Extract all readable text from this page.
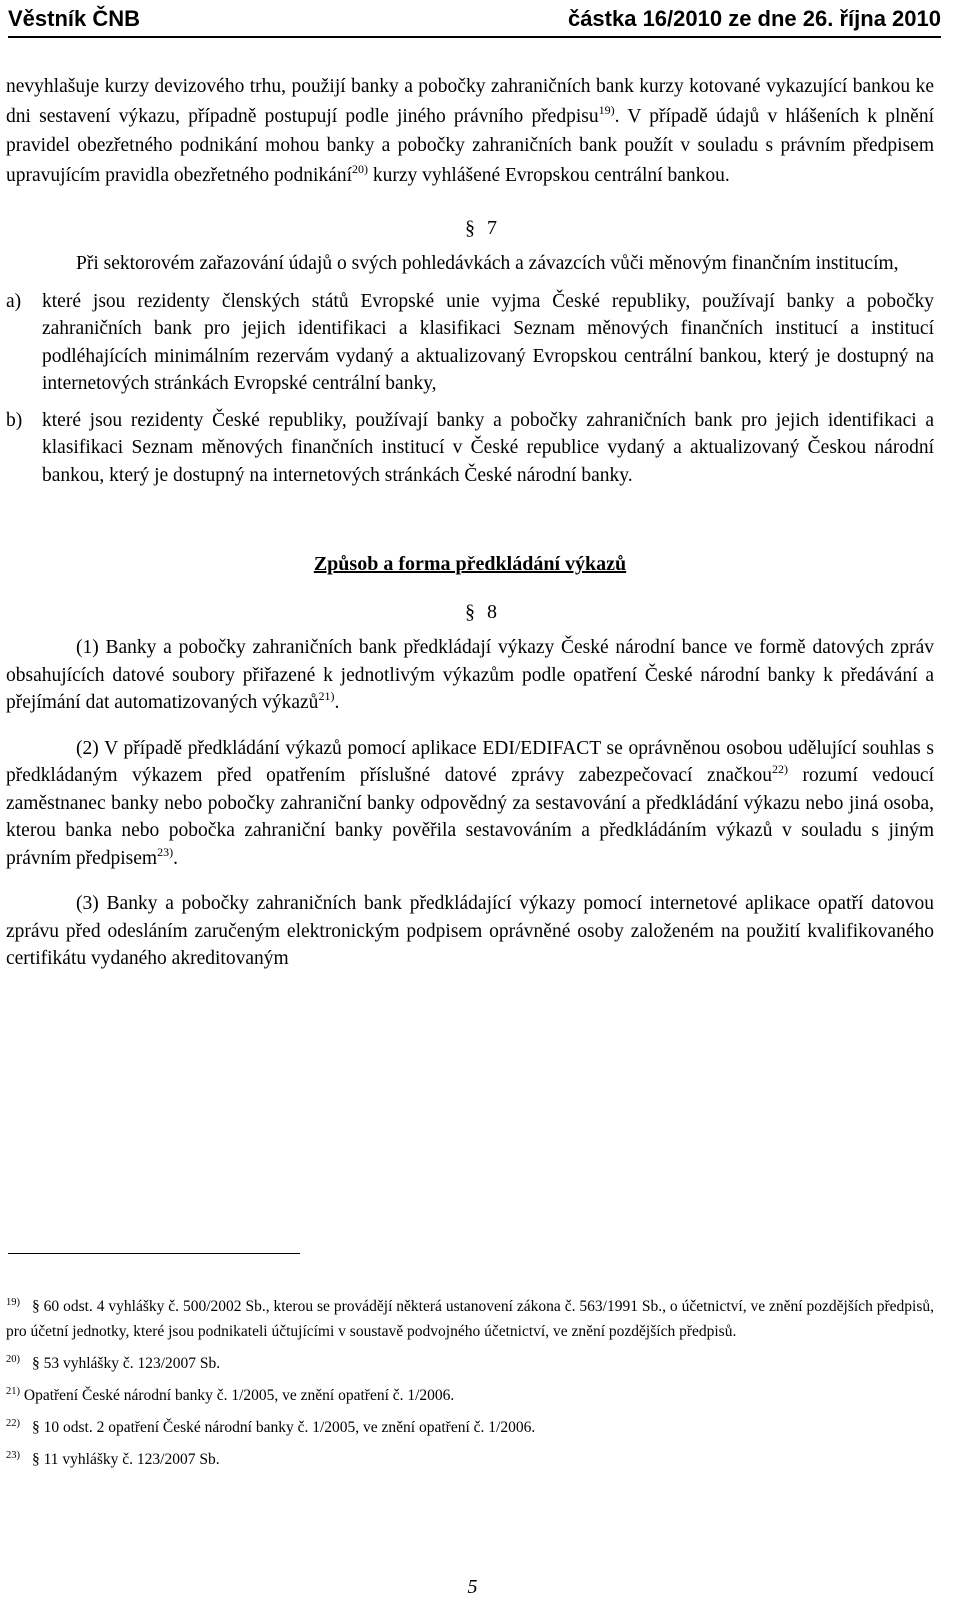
Věstník ČNB	částka 16/2010 ze dne 26. října 2010

nevyhlašuje kurzy devizového trhu, použijí banky a pobočky zahraničních bank kurzy kotované vykazující bankou ke dni sestavení výkazu, případně postupují podle jiného právního předpisu$^{19)}$. V případě údajů v hlášeních k plnění pravidel obezřetného podnikání mohou banky a pobočky zahraničních bank použít v souladu s právním předpisem upravujícím pravidla obezřetného podnikání$^{20)}$ kurzy vyhlášené Evropskou centrální bankou.

§ 7

Při sektorovém zařazování údajů o svých pohledávkách a závazcích vůči měnovým finančním institucím,

a)	které jsou rezidenty členských států Evropské unie vyjma České republiky, používají banky a pobočky zahraničních bank pro jejich identifikaci a klasifikaci Seznam měnových finančních institucí a institucí podléhajících minimálním rezervám vydaný a aktualizovaný Evropskou centrální bankou, který je dostupný na internetových stránkách Evropské centrální banky,
b)	které jsou rezidenty České republiky, používají banky a pobočky zahraničních bank pro jejich identifikaci a klasifikaci Seznam měnových finančních institucí v České republice vydaný a aktualizovaný Českou národní bankou, který je dostupný na internetových stránkách České národní banky.

Způsob a forma předkládání výkazů

§ 8

(1) Banky a pobočky zahraničních bank předkládají výkazy České národní bance ve formě datových zpráv obsahujících datové soubory přiřazené k jednotlivým výkazům podle opatření České národní banky k předávání a přejímání dat automatizovaných výkazů$^{21)}$.

(2) V případě předkládání výkazů pomocí aplikace EDI/EDIFACT se oprávněnou osobou udělující souhlas s předkládaným výkazem před opatřením příslušné datové zprávy zabezpečovací značkou$^{22)}$ rozumí vedoucí zaměstnanec banky nebo pobočky zahraniční banky odpovědný za sestavování a předkládání výkazu nebo jiná osoba, kterou banka nebo pobočka zahraniční banky pověřila sestavováním a předkládáním výkazů v souladu s jiným právním předpisem$^{23)}$.

(3) Banky a pobočky zahraničních bank předkládající výkazy pomocí internetové aplikace opatří datovou zprávu před odesláním zaručeným elektronickým podpisem oprávněné osoby založeném na použití kvalifikovaného certifikátu vydaného akreditovaným

$^{19)}$ § 60 odst. 4 vyhlášky č. 500/2002 Sb., kterou se provádějí některá ustanovení zákona č. 563/1991 Sb., o účetnictví, ve znění pozdějších předpisů, pro účetní jednotky, které jsou podnikateli účtujícími v soustavě podvojného účetnictví, ve znění pozdějších předpisů.

$^{20)}$ § 53 vyhlášky č. 123/2007 Sb.

$^{21)}$ Opatření České národní banky č. 1/2005, ve znění opatření č. 1/2006.

$^{22)}$ § 10 odst. 2 opatření České národní banky č. 1/2005, ve znění opatření č. 1/2006.

$^{23)}$ § 11 vyhlášky č. 123/2007 Sb.

5
